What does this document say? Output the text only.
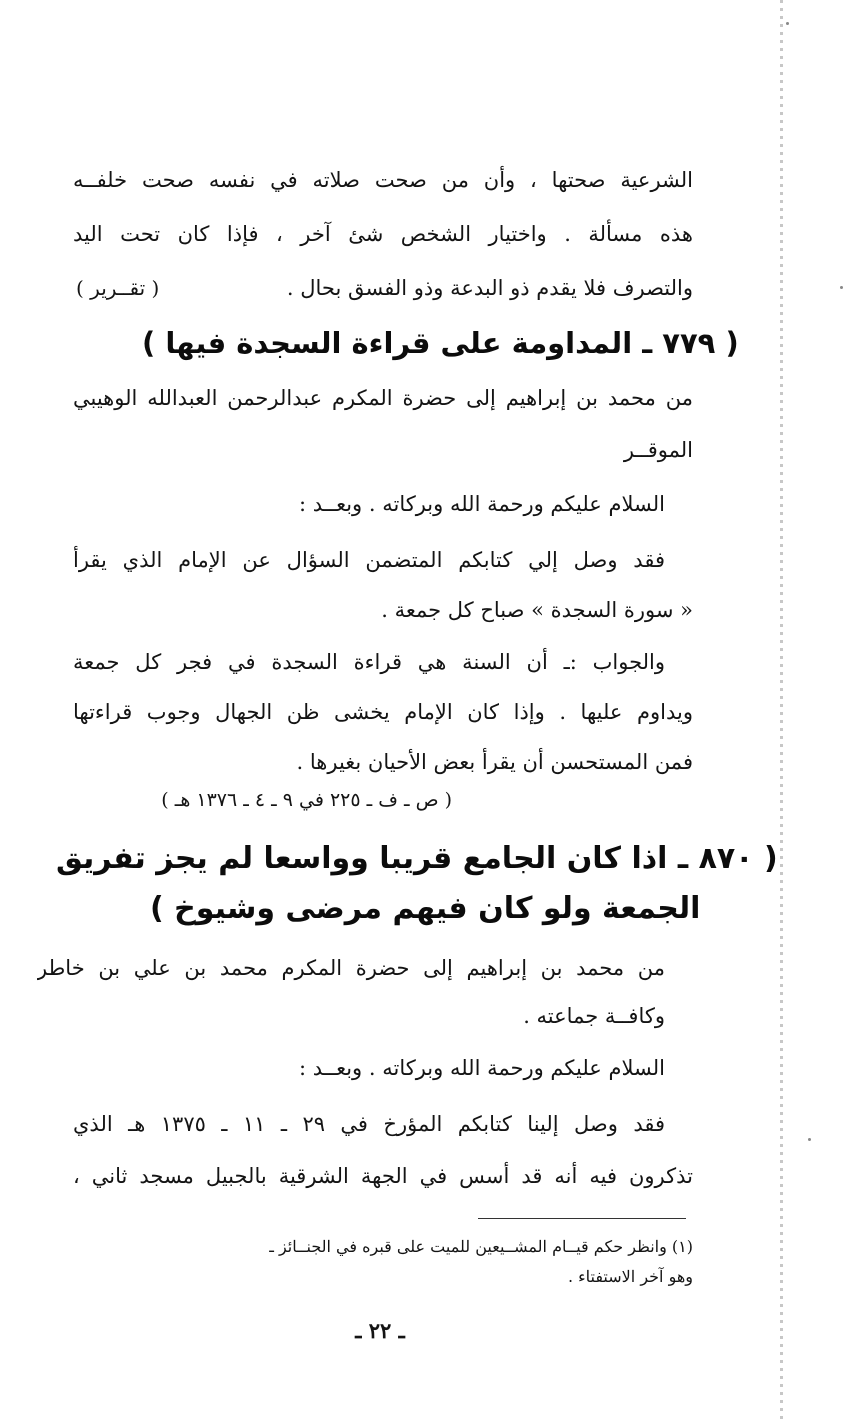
الشرعية صحتها ، وأن من صحت صلاته في نفسه صحت خلفــه
هذه مسألة . واختيار الشخص شئ آخر ، فإذا كان تحت اليد
والتصرف فلا يقدم ذو البدعة وذو الفسق بحال .
( تقــرير )
( ٧٧٩ ـ المداومة على قراءة السجدة فيها )
من محمد بن إبراهيم إلى حضرة المكرم عبدالرحمن العبدالله الوهيبي
الموقــر
السلام عليكم ورحمة الله وبركاته . وبعــد :
فقد وصل إلي كتابكم المتضمن السؤال عن الإمام الذي يقرأ
« سورة السجدة » صباح كل جمعة .
والجواب :ـ أن السنة هي قراءة السجدة في فجر كل جمعة
ويداوم عليها . وإذا كان الإمام يخشى ظن الجهال وجوب قراءتها
فمن المستحسن أن يقرأ بعض الأحيان بغيرها .
( ص ـ ف ـ ٢٢٥ في ٩ ـ ٤ ـ ١٣٧٦ هـ )
( ٨٧٠ ـ اذا كان الجامع قريبا وواسعا لم يجز تفريق
الجمعة ولو كان فيهم مرضى وشيوخ )
من محمد بن إبراهيم إلى حضرة المكرم محمد بن علي بن خاطر
وكافــة جماعته .
السلام عليكم ورحمة الله وبركاته . وبعــد :
فقد وصل إلينا كتابكم المؤرخ في ٢٩ ـ ١١ ـ ١٣٧٥ هـ الذي
تذكرون فيه أنه قد أسس في الجهة الشرقية بالجبيل مسجد ثاني ،
(١) وانظر حكم قيــام المشــيعين للميت على قبره في الجنــائز ـ
وهو آخر الاستفتاء .
ـ ٢٢ ـ
